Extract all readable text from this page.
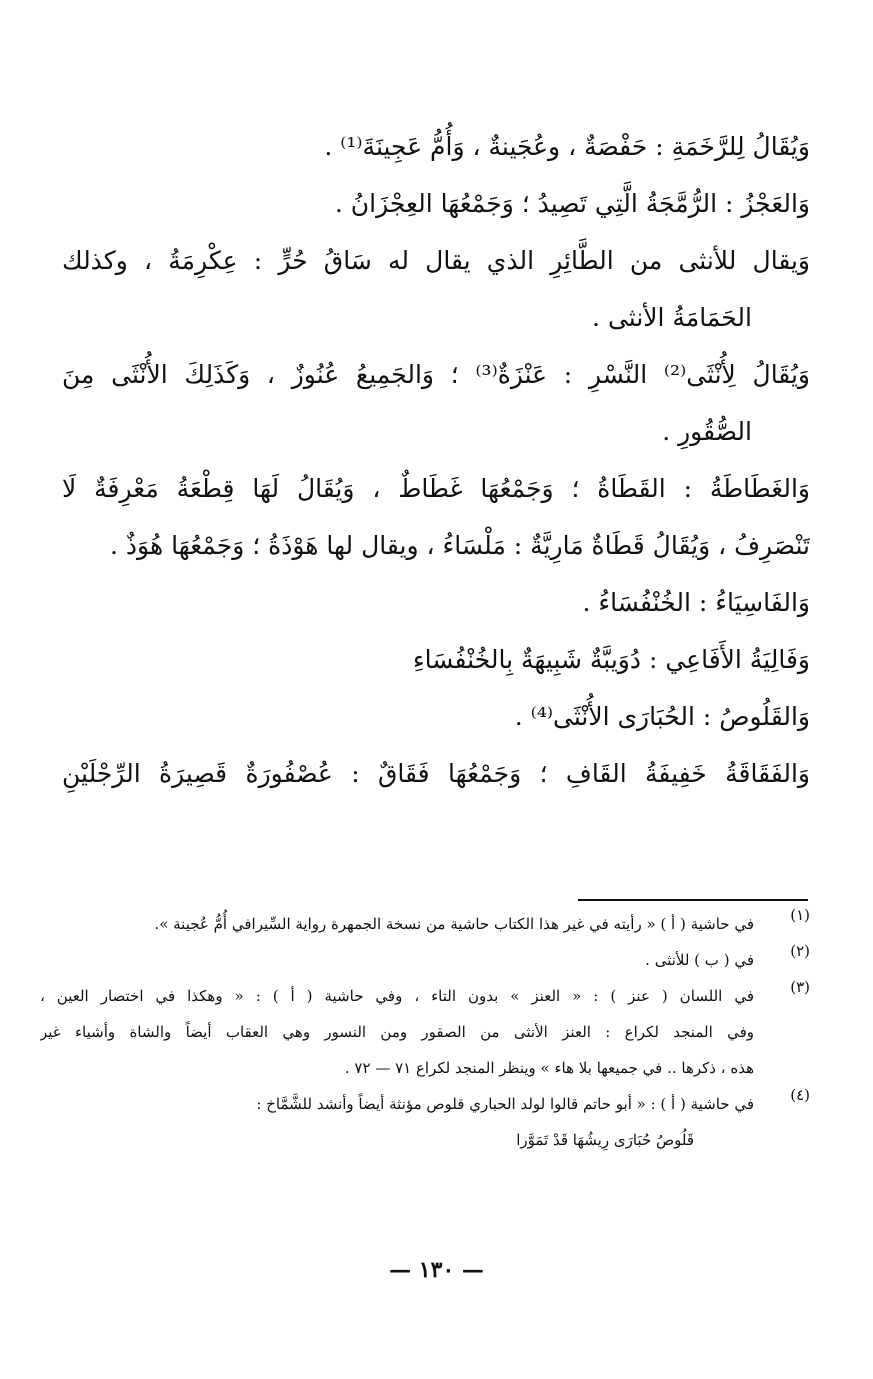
وَيُقَالُ لِلرَّخَمَةِ : حَفْصَةٌ ، وعُجَينةٌ ، وَأُمُّ عَجِينَةَ⁽¹⁾ .
وَالعَجْزُ : الرُّمَّجَةُ الَّتِي تَصِيدُ ؛ وَجَمْعُهَا العِجْزَانُ .
وَيقال للأنثى من الطَّائِرِ الذي يقال له سَاقُ حُرٍّ : عِكْرِمَةُ ، وكذلك
الحَمَامَةُ الأنثى .
وَيُقَالُ لِأُنْثَى⁽²⁾ النَّسْرِ : عَنْزَةٌ⁽³⁾ ؛ وَالجَمِيعُ عُنُوزٌ ، وَكَذَلِكَ الأُنْثَى مِنَ
الصُّقُورِ .
وَالغَطَاطَةُ : القَطَاةُ ؛ وَجَمْعُهَا غَطَاطٌ ، وَيُقَالُ لَهَا قِطْعَةُ مَعْرِفَةٌ لَا
تَنْصَرِفُ ، وَيُقَالُ قَطَاةٌ مَارِيَّةٌ : مَلْسَاءُ ، ويقال لها هَوْذَةُ ؛ وَجَمْعُهَا هُوَذٌ .
وَالفَاسِيَاءُ : الخُنْفُسَاءُ .
وَفَالِيَةُ الأَفَاعِي : دُوَيبَّةٌ شَبِيهَةٌ بِالخُنْفُسَاءِ
وَالقَلُوصُ : الحُبَارَى الأُنْثَى⁽⁴⁾ .
وَالفَقَاقَةُ خَفِيفَةُ القَافِ ؛ وَجَمْعُهَا فَقَاقٌ : عُصْفُورَةٌ قَصِيرَةُ الرِّجْلَيْنِ
(١)
في حاشية ( أ ) « رأيته في غير هذا الكتاب حاشية من نسخة الجمهرة رواية السِّيرافي أُمُّ عُجينة ».
(٢)
في ( ب ) للأنثى .
(٣)
في اللسان ( عنز ) : « العنز » بدون التاء ، وفي حاشية ( أ ) : « وهكذا في اختصار العين ،
وفي المنجد لكراع : العنز الأنثى من الصقور ومن النسور وهي العقاب أيضاً والشاة وأشياء غير
هذه ، ذكرها .. في جميعها بلا هاء » وينظر المنجد لكراع ٧١ — ٧٢ .
(٤)
في حاشية ( أ ) : « أبو حاتم قالوا لولد الحباري قلوص مؤنثة أيضاً وأنشد للشَّمَّاخ :
قَلُوصُ حُبَارَى رِيشُهَا قَدْ تَمَوَّرا
— ١٣٠ —
